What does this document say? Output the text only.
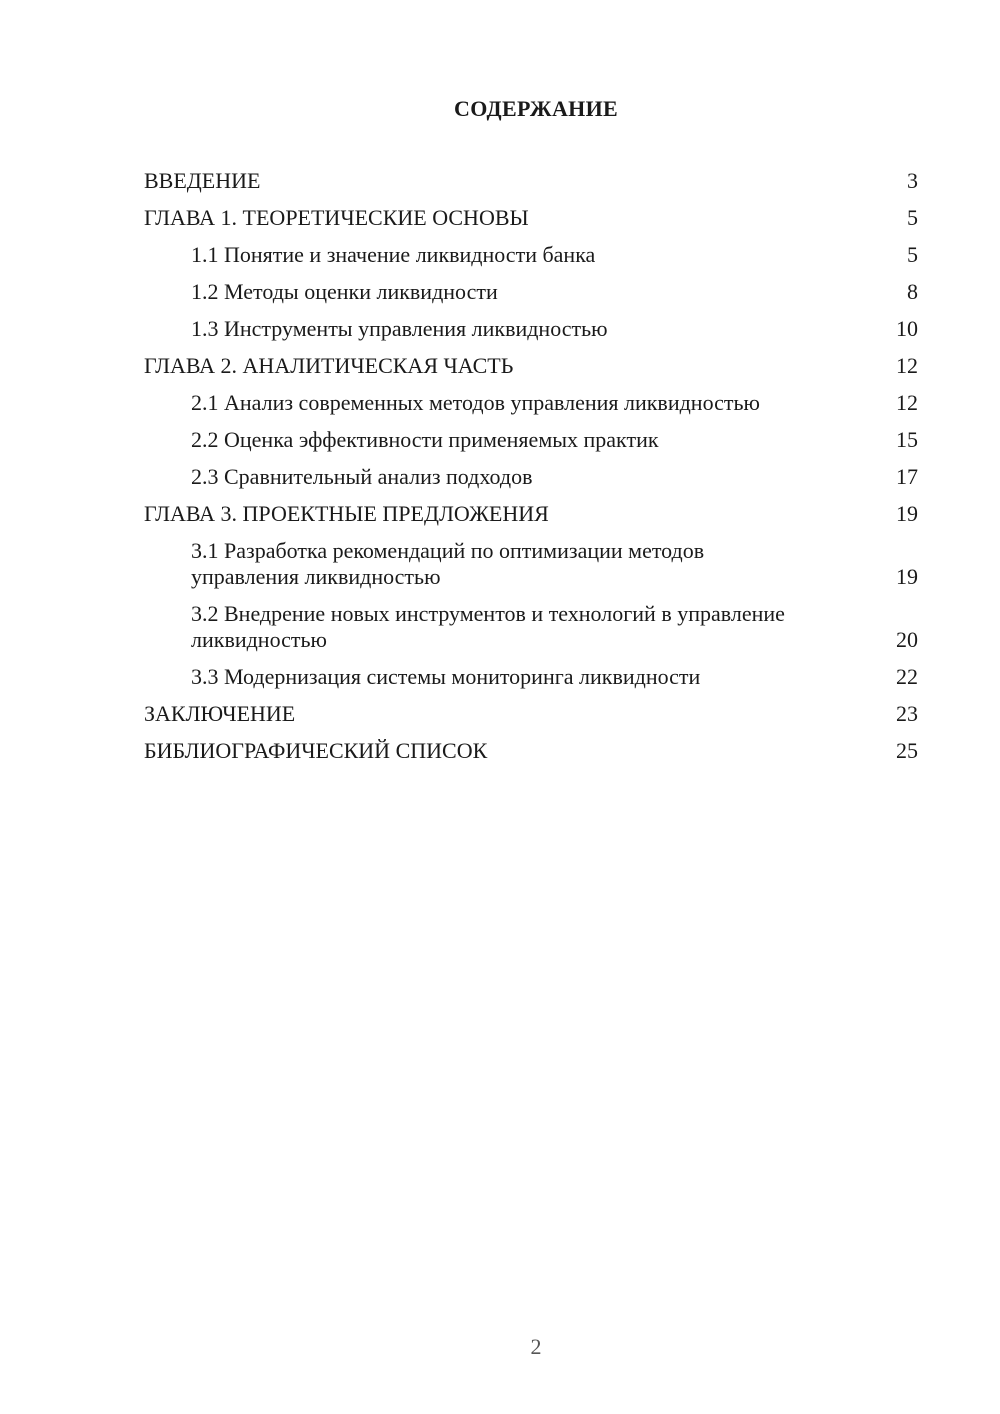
СОДЕРЖАНИЕ
ВВЕДЕНИЕ	3
ГЛАВА 1. ТЕОРЕТИЧЕСКИЕ ОСНОВЫ	5
1.1 Понятие и значение ликвидности банка	5
1.2 Методы оценки ликвидности	8
1.3 Инструменты управления ликвидностью	10
ГЛАВА 2. АНАЛИТИЧЕСКАЯ ЧАСТЬ	12
2.1 Анализ современных методов управления ликвидностью	12
2.2 Оценка эффективности применяемых практик	15
2.3 Сравнительный анализ подходов	17
ГЛАВА 3. ПРОЕКТНЫЕ ПРЕДЛОЖЕНИЯ	19
3.1 Разработка рекомендаций по оптимизации методов управления ликвидностью	19
3.2 Внедрение новых инструментов и технологий в управление ликвидностью	20
3.3 Модернизация системы мониторинга ликвидности	22
ЗАКЛЮЧЕНИЕ	23
БИБЛИОГРАФИЧЕСКИЙ СПИСОК	25
2
